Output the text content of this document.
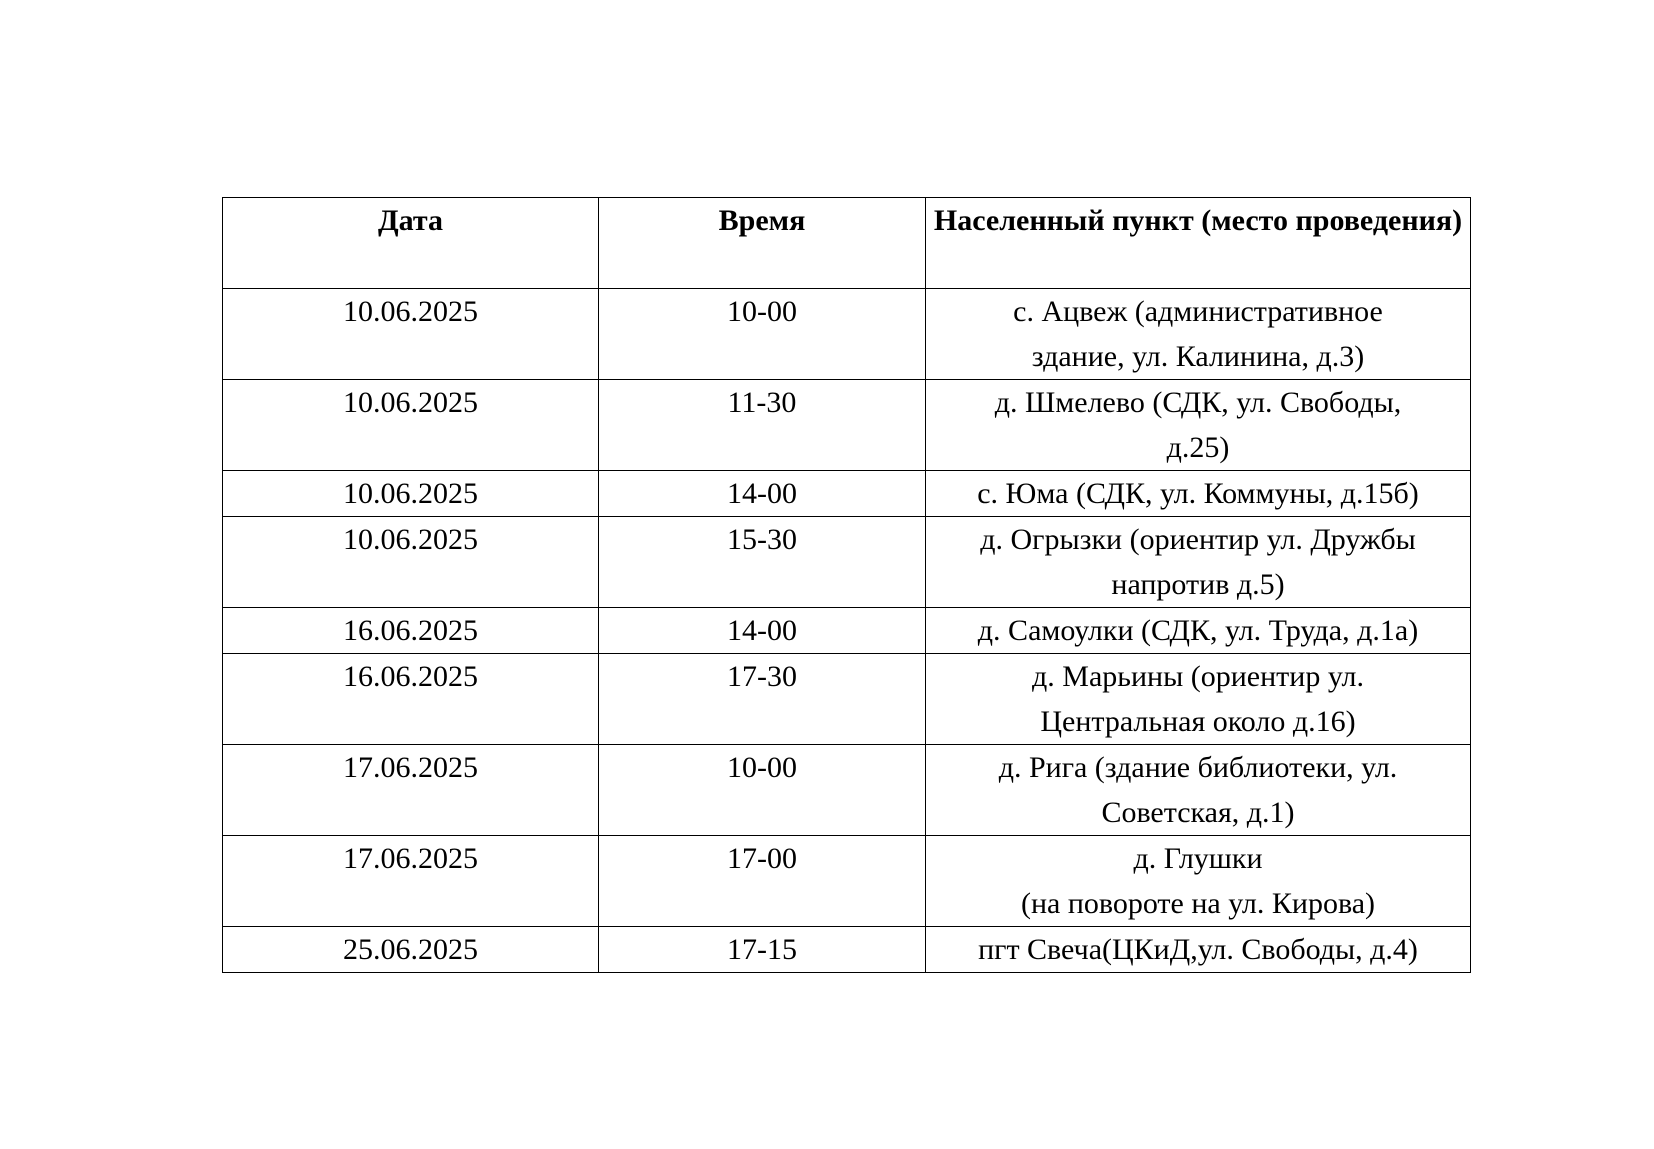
Дата	Время	Населенный пункт (место проведения)
10.06.2025	10-00	с. Ацвеж (административное
здание, ул. Калинина, д.3)

10.06.2025	11-30	д. Шмелево (СДК, ул. Свободы,
д.25)

10.06.2025	14-00	с. Юма (СДК, ул. Коммуны, д.15б)

10.06.2025	15-30	д. Огрызки (ориентир ул. Дружбы
напротив д.5)

16.06.2025	14-00	д. Самоулки (СДК, ул. Труда, д.1а)

16.06.2025	17-30	д. Марьины (ориентир ул.
Центральная около д.16)

17.06.2025	10-00	д. Рига (здание библиотеки, ул.
Советская, д.1)

17.06.2025	17-00	д. Глушки
(на повороте на ул. Кирова)

25.06.2025	17-15	пгт Свеча(ЦКиД,ул. Свободы, д.4)
